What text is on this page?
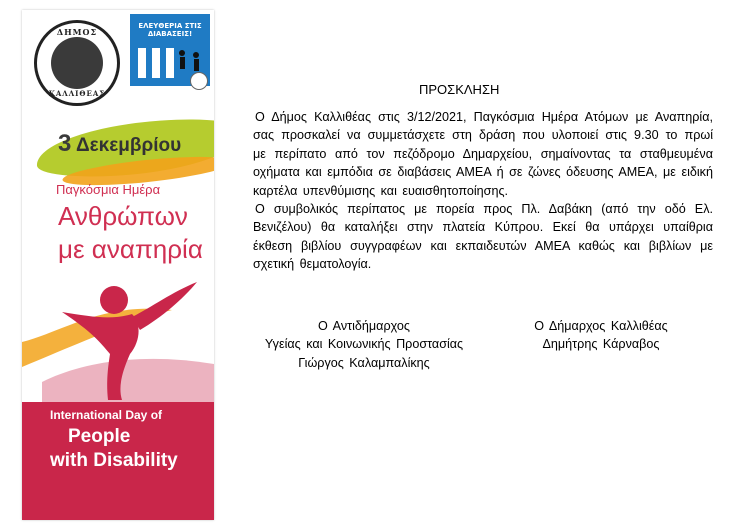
ΔΗΜΟΣ
ΚΑΛΛΙΘΕΑΣ
ΕΛΕΥΘΕΡΙΑ ΣΤΙΣ ΔΙΑΒΑΣΕΙΣ!
3 Δεκεμβρίου
Παγκόσμια Ημέρα
Ανθρώπων
με αναπηρία
International Day of
People
with Disability
ΠΡΟΣΚΛΗΣΗ

Ο Δήμος Καλλιθέας στις 3/12/2021, Παγκόσμια Ημέρα Ατόμων με Αναπηρία, σας προσκαλεί να συμμετάσχετε στη δράση που υλοποιεί στις 9.30 το πρωί με περίπατο από τον πεζόδρομο Δημαρχείου, σημαίνοντας τα σταθμευμένα οχήματα και εμπόδια σε διαβάσεις ΑΜΕΑ ή σε ζώνες όδευσης ΑΜΕΑ, με ειδική καρτέλα υπενθύμισης και ευαισθητοποίησης.

Ο συμβολικός περίπατος με πορεία προς Πλ. Δαβάκη (από την οδό Ελ. Βενιζέλου) θα καταλήξει στην πλατεία Κύπρου. Εκεί θα υπάρχει υπαίθρια έκθεση βιβλίου συγγραφέων και εκπαιδευτών ΑΜΕΑ καθώς και βιβλίων με σχετική θεματολογία.

Ο Αντιδήμαρχος
Υγείας και Κοινωνικής Προστασίας
Γιώργος Καλαμπαλίκης
Ο Δήμαρχος Καλλιθέας
Δημήτρης Κάρναβος
